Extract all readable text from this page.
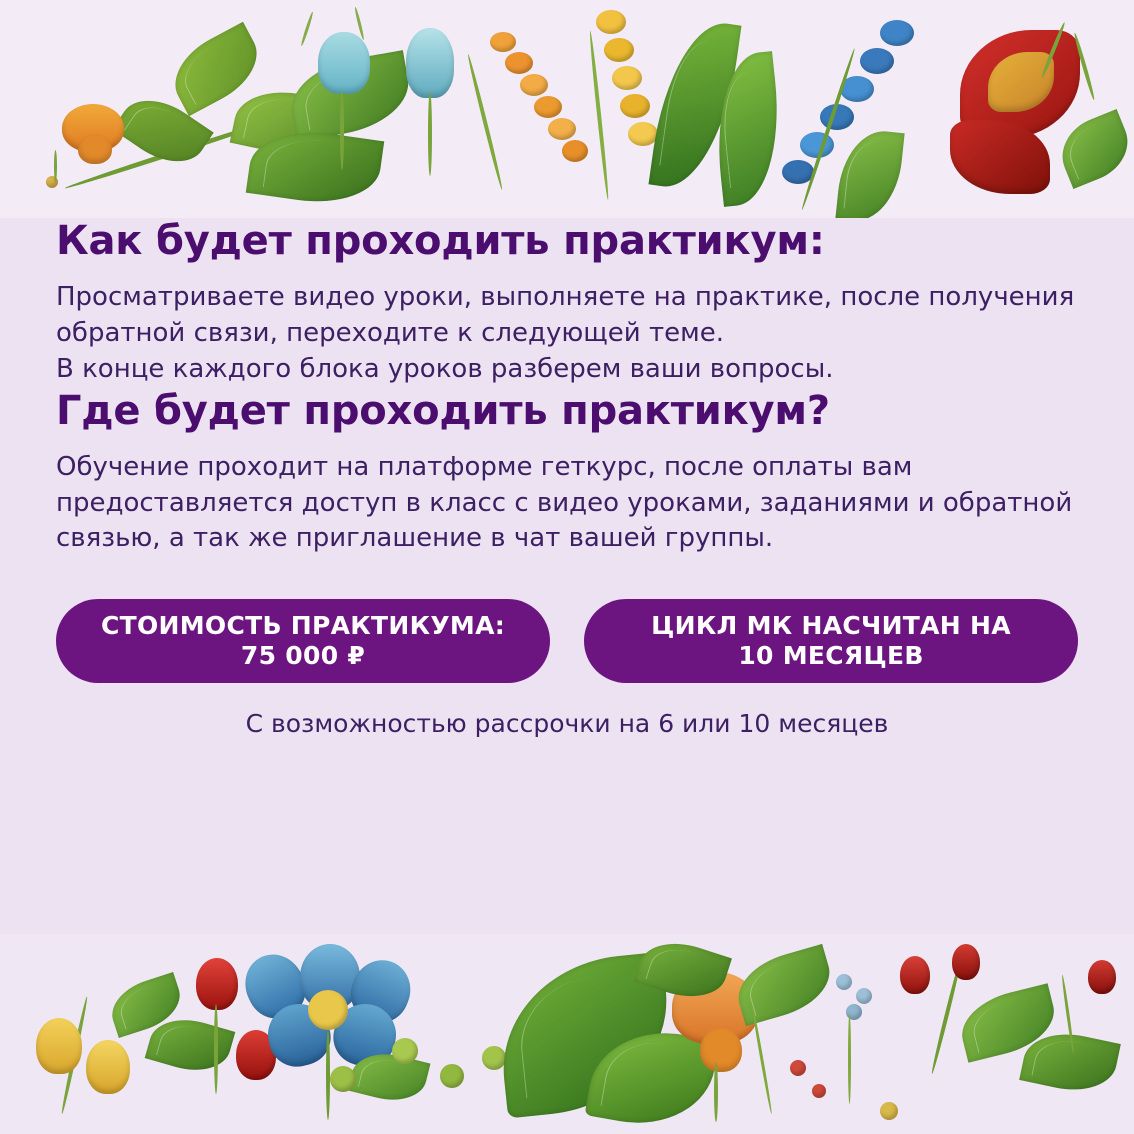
Как будет проходить практикум:

Просматриваете видео уроки, выполняете на практике, после получения обратной связи, переходите к следующей теме.
В конце каждого блока уроков разберем ваши вопросы.

Где будет проходить практикум?

Обучение проходит на платформе геткурс, после оплаты вам предоставляется доступ в класс с видео уроками, заданиями и обратной связью, а так же приглашение в чат вашей группы.

СТОИМОСТЬ ПРАКТИКУМА:
75 000 ₽
ЦИКЛ МК НАСЧИТАН НА
10 МЕСЯЦЕВ
С возможностью рассрочки на 6 или 10 месяцев
